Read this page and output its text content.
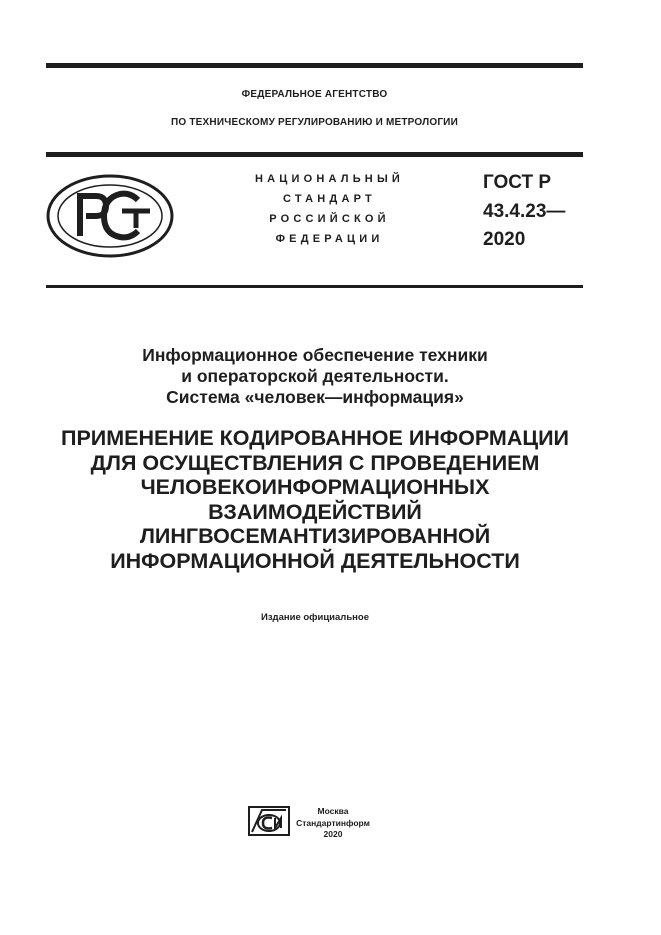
ФЕДЕРАЛЬНОЕ АГЕНТСТВО
ПО ТЕХНИЧЕСКОМУ РЕГУЛИРОВАНИЮ И МЕТРОЛОГИИ
НАЦИОНАЛЬНЫЙ
СТАНДАРТ
РОССИЙСКОЙ
ФЕДЕРАЦИИ
ГОСТ Р
43.4.23—
2020
Информационное обеспечение техники
и операторской деятельности.
Система «человек—информация»
ПРИМЕНЕНИЕ КОДИРОВАННОЕ ИНФОРМАЦИИ
ДЛЯ ОСУЩЕСТВЛЕНИЯ С ПРОВЕДЕНИЕМ
ЧЕЛОВЕКОИНФОРМАЦИОННЫХ
ВЗАИМОДЕЙСТВИЙ
ЛИНГВОСЕМАНТИЗИРОВАННОЙ
ИНФОРМАЦИОННОЙ ДЕЯТЕЛЬНОСТИ
Издание официальное
Москва
Стандартинформ
2020
